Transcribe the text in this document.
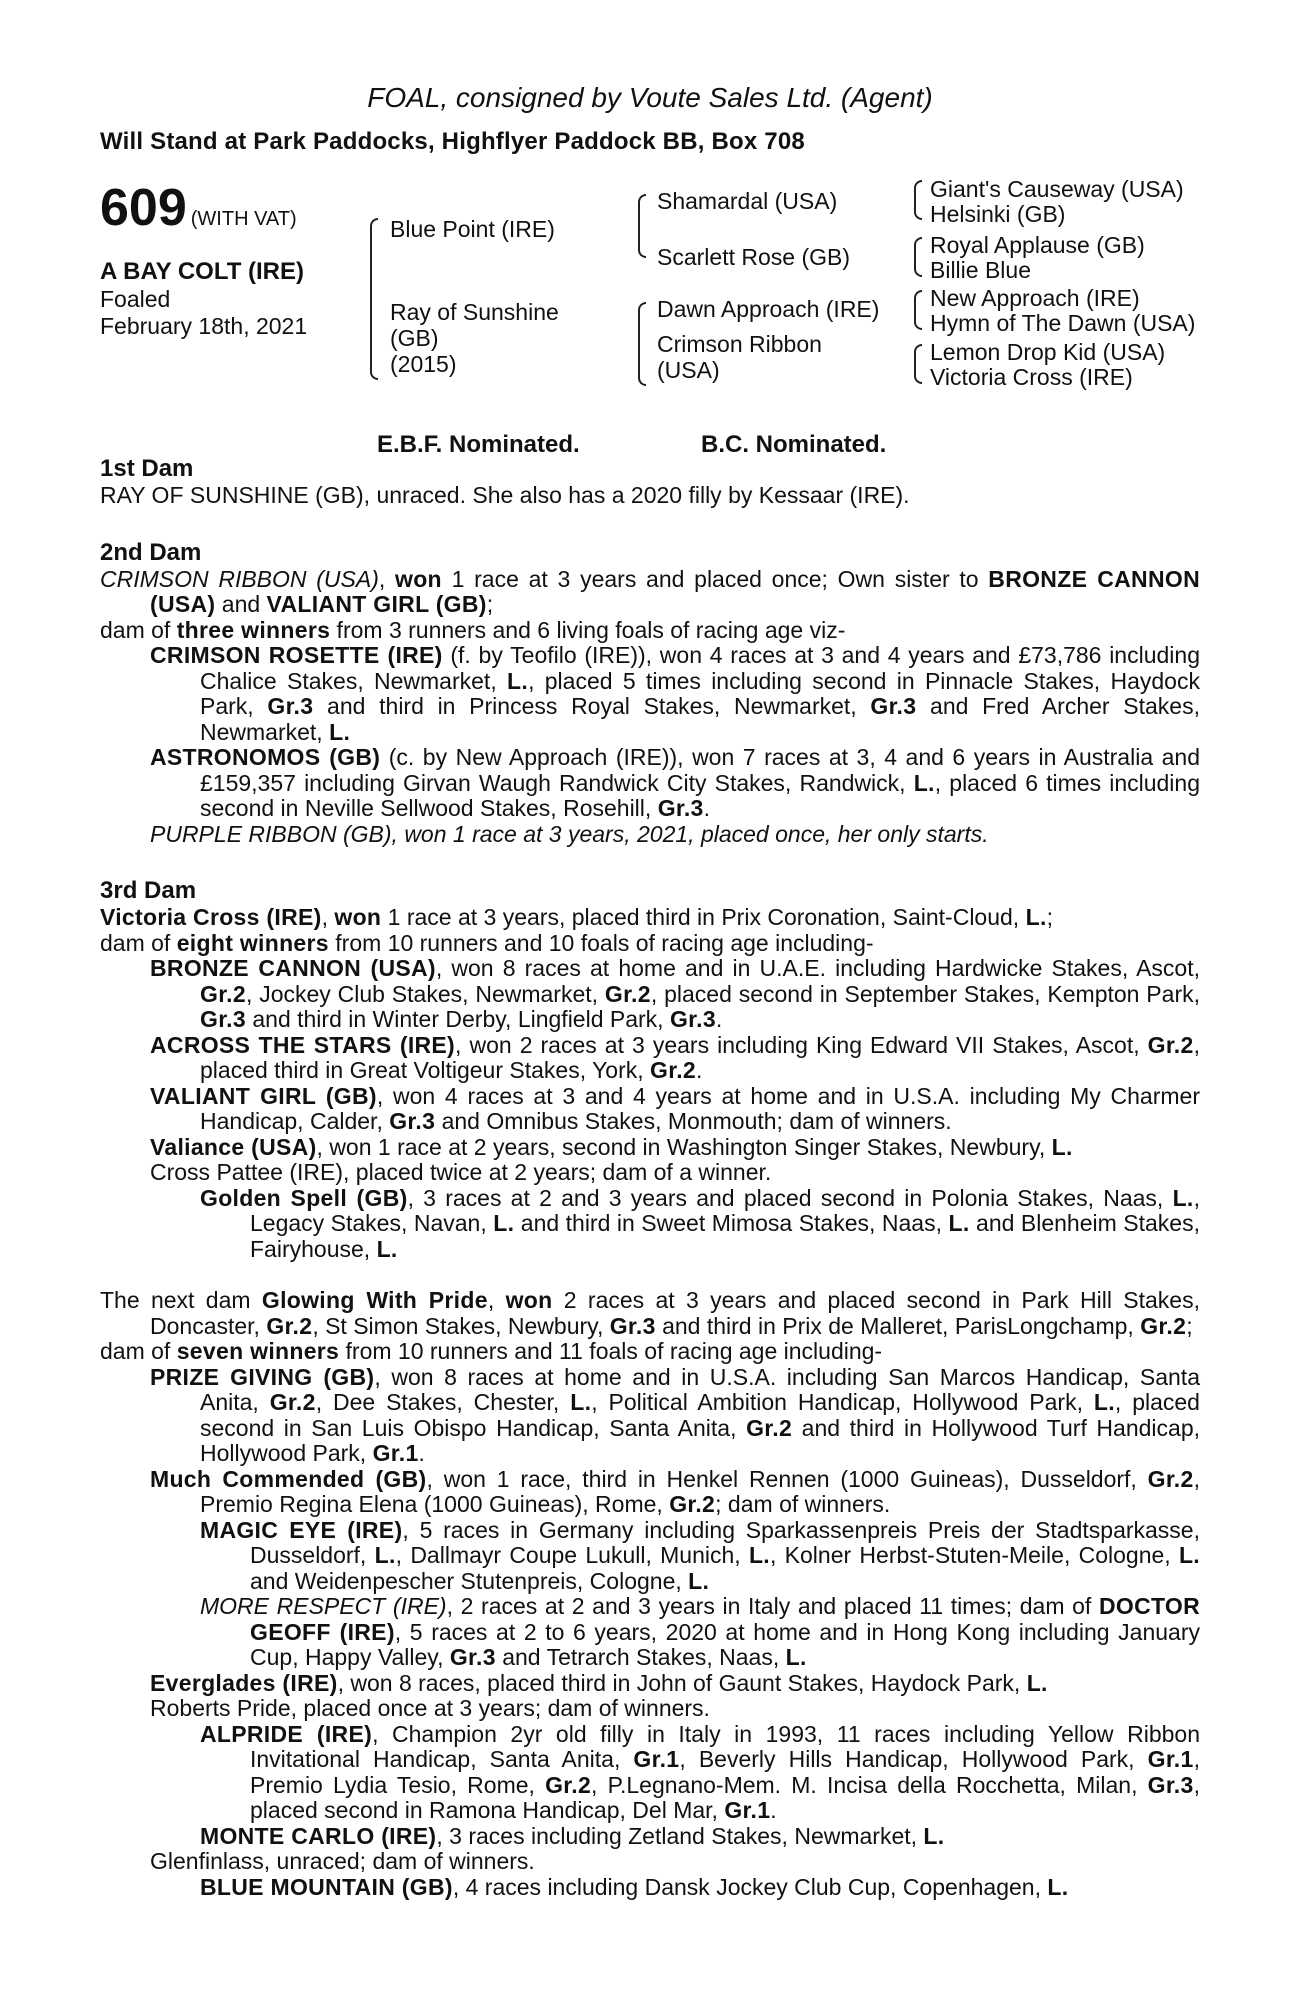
FOAL, consigned by Voute Sales Ltd. (Agent)
Will Stand at Park Paddocks, Highflyer Paddock BB, Box 708
609 (WITH VAT)
A BAY COLT (IRE)
Foaled
February 18th, 2021
Blue Point (IRE)
Ray of Sunshine
(GB)
(2015)
Shamardal (USA)
Scarlett Rose (GB)
Dawn Approach (IRE)
Crimson Ribbon
(USA)
Giant's Causeway (USA)
Helsinki (GB)
Royal Applause (GB)
Billie Blue
New Approach (IRE)
Hymn of The Dawn (USA)
Lemon Drop Kid (USA)
Victoria Cross (IRE)
E.B.F. Nominated.	B.C. Nominated.
1st Dam
RAY OF SUNSHINE (GB), unraced. She also has a 2020 filly by Kessaar (IRE).
2nd Dam
CRIMSON RIBBON (USA), won 1 race at 3 years and placed once; Own sister to BRONZE CANNON (USA) and VALIANT GIRL (GB);
dam of three winners from 3 runners and 6 living foals of racing age viz-
CRIMSON ROSETTE (IRE) (f. by Teofilo (IRE)), won 4 races at 3 and 4 years and £73,786 including Chalice Stakes, Newmarket, L., placed 5 times including second in Pinnacle Stakes, Haydock Park, Gr.3 and third in Princess Royal Stakes, Newmarket, Gr.3 and Fred Archer Stakes, Newmarket, L.
ASTRONOMOS (GB) (c. by New Approach (IRE)), won 7 races at 3, 4 and 6 years in Australia and £159,357 including Girvan Waugh Randwick City Stakes, Randwick, L., placed 6 times including second in Neville Sellwood Stakes, Rosehill, Gr.3.
PURPLE RIBBON (GB), won 1 race at 3 years, 2021, placed once, her only starts.
3rd Dam
Victoria Cross (IRE), won 1 race at 3 years, placed third in Prix Coronation, Saint-Cloud, L.;
dam of eight winners from 10 runners and 10 foals of racing age including-
BRONZE CANNON (USA), won 8 races at home and in U.A.E. including Hardwicke Stakes, Ascot, Gr.2, Jockey Club Stakes, Newmarket, Gr.2, placed second in September Stakes, Kempton Park, Gr.3 and third in Winter Derby, Lingfield Park, Gr.3.
ACROSS THE STARS (IRE), won 2 races at 3 years including King Edward VII Stakes, Ascot, Gr.2, placed third in Great Voltigeur Stakes, York, Gr.2.
VALIANT GIRL (GB), won 4 races at 3 and 4 years at home and in U.S.A. including My Charmer Handicap, Calder, Gr.3 and Omnibus Stakes, Monmouth; dam of winners.
Valiance (USA), won 1 race at 2 years, second in Washington Singer Stakes, Newbury, L.
Cross Pattee (IRE), placed twice at 2 years; dam of a winner.
Golden Spell (GB), 3 races at 2 and 3 years and placed second in Polonia Stakes, Naas, L., Legacy Stakes, Navan, L. and third in Sweet Mimosa Stakes, Naas, L. and Blenheim Stakes, Fairyhouse, L.
The next dam Glowing With Pride, won 2 races at 3 years and placed second in Park Hill Stakes, Doncaster, Gr.2, St Simon Stakes, Newbury, Gr.3 and third in Prix de Malleret, ParisLongchamp, Gr.2;
dam of seven winners from 10 runners and 11 foals of racing age including-
PRIZE GIVING (GB), won 8 races at home and in U.S.A. including San Marcos Handicap, Santa Anita, Gr.2, Dee Stakes, Chester, L., Political Ambition Handicap, Hollywood Park, L., placed second in San Luis Obispo Handicap, Santa Anita, Gr.2 and third in Hollywood Turf Handicap, Hollywood Park, Gr.1.
Much Commended (GB), won 1 race, third in Henkel Rennen (1000 Guineas), Dusseldorf, Gr.2, Premio Regina Elena (1000 Guineas), Rome, Gr.2; dam of winners.
MAGIC EYE (IRE), 5 races in Germany including Sparkassenpreis Preis der Stadtsparkasse, Dusseldorf, L., Dallmayr Coupe Lukull, Munich, L., Kolner Herbst-Stuten-Meile, Cologne, L. and Weidenpescher Stutenpreis, Cologne, L.
MORE RESPECT (IRE), 2 races at 2 and 3 years in Italy and placed 11 times; dam of DOCTOR GEOFF (IRE), 5 races at 2 to 6 years, 2020 at home and in Hong Kong including January Cup, Happy Valley, Gr.3 and Tetrarch Stakes, Naas, L.
Everglades (IRE), won 8 races, placed third in John of Gaunt Stakes, Haydock Park, L.
Roberts Pride, placed once at 3 years; dam of winners.
ALPRIDE (IRE), Champion 2yr old filly in Italy in 1993, 11 races including Yellow Ribbon Invitational Handicap, Santa Anita, Gr.1, Beverly Hills Handicap, Hollywood Park, Gr.1, Premio Lydia Tesio, Rome, Gr.2, P.Legnano-Mem. M. Incisa della Rocchetta, Milan, Gr.3, placed second in Ramona Handicap, Del Mar, Gr.1.
MONTE CARLO (IRE), 3 races including Zetland Stakes, Newmarket, L.
Glenfinlass, unraced; dam of winners.
BLUE MOUNTAIN (GB), 4 races including Dansk Jockey Club Cup, Copenhagen, L.
